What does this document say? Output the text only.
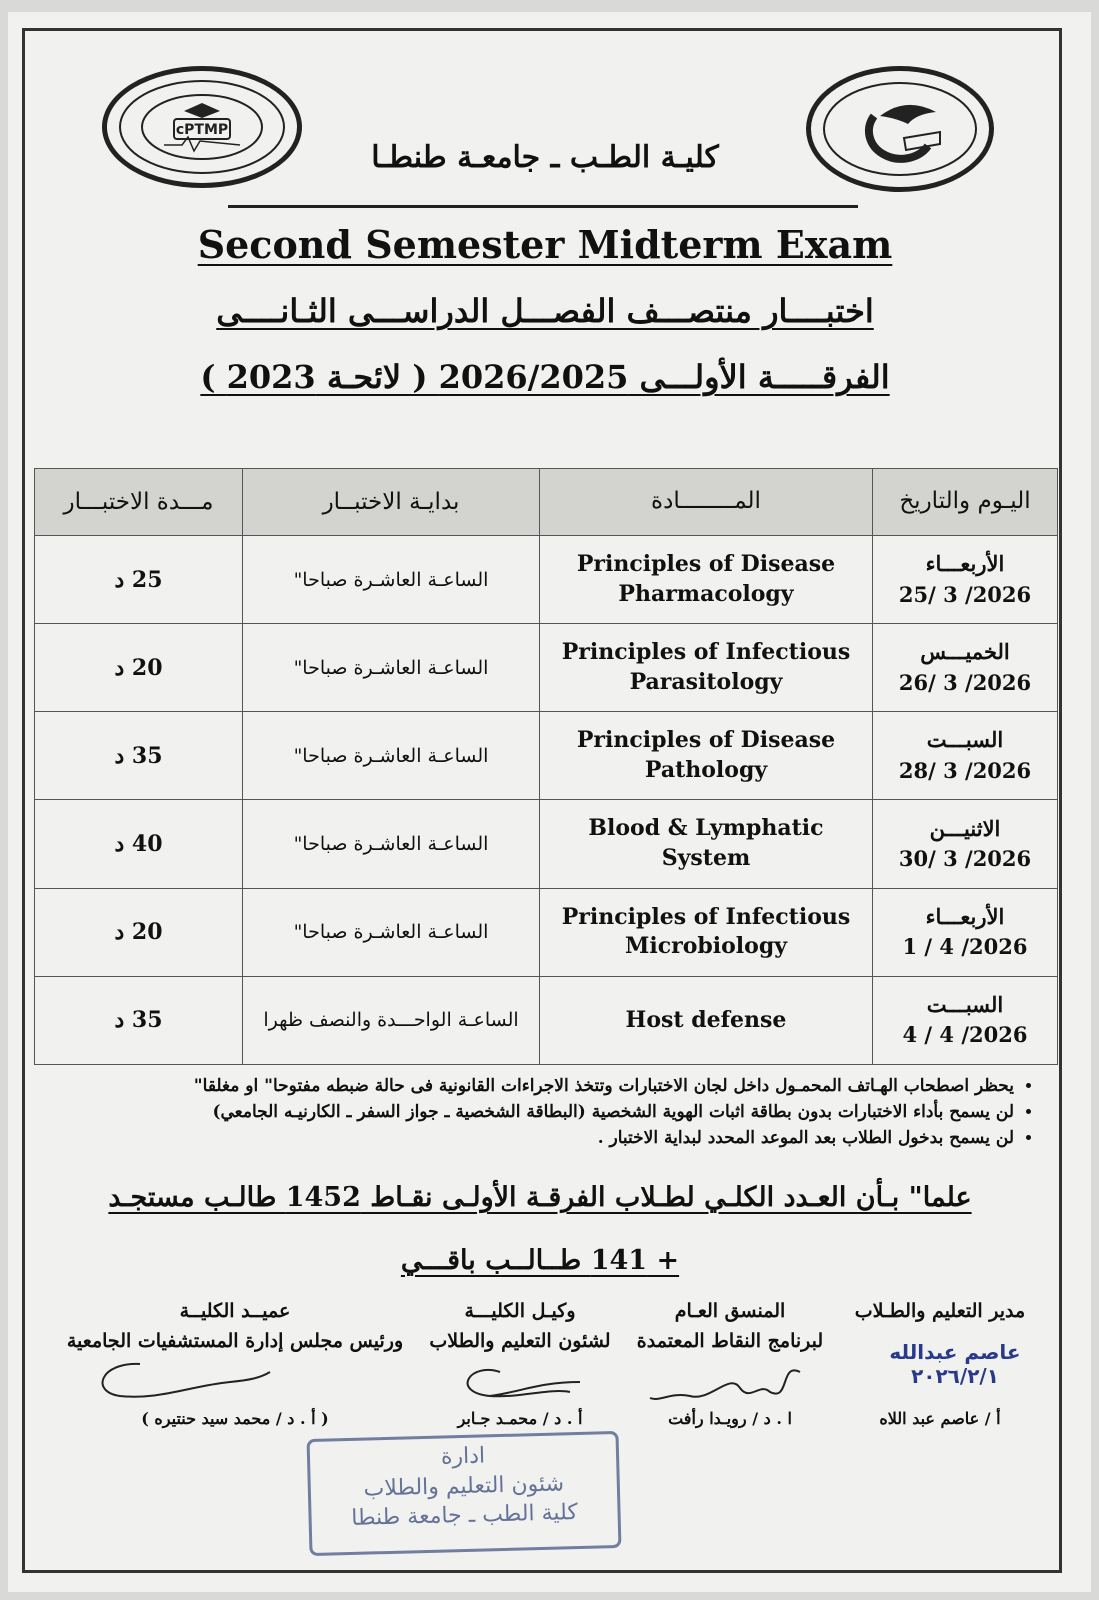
cPTMP
كليـة الطـب ـ جامعـة طنطـا
Second Semester Midterm Exam
اختبــــار منتصـــف الفصـــل الدراســـى الثـانــــى
الفرقـــــة الأولـــى 2026/2025 ( لائحـة 2023 )
اليـوم والتاريخ	المــــــــادة	بدايـة الاختبــار	مـــدة الاختبـــار

الأربعـــاء
2026/ 3 /25	Principles of Disease Pharmacology	الساعـة العاشـرة صباحا"	25 د

الخميـــس
2026/ 3 /26	Principles of Infectious Parasitology	الساعـة العاشـرة صباحا"	20 د

السبـــت
2026/ 3 /28	Principles of Disease Pathology	الساعـة العاشـرة صباحا"	35 د

الاثنيـــن
2026/ 3 /30	Blood & Lymphatic System	الساعـة العاشـرة صباحا"	40 د

الأربعـــاء
2026/ 4 / 1	Principles of Infectious Microbiology	الساعـة العاشـرة صباحا"	20 د

السبـــت
2026/ 4 / 4	Host defense	الساعـة الواحـــدة والنصف ظهرا	35 د
• يحظر اصطحاب الهـاتف المحمـول داخل لجان الاختبارات وتتخذ الاجراءات القانونية فى حالة ضبطه مفتوحا" او مغلقا"
• لن يسمح بأداء الاختبارات بدون بطاقة اثبات الهوية الشخصية (البطاقة الشخصية ـ جواز السفر ـ الكارنيـه الجامعي)
• لن يسمح بدخول الطلاب بعد الموعد المحدد لبداية الاختبار .
علما" بـأن العـدد الكلـي لطـلاب الفرقـة الأولـى نقـاط 1452 طالـب مستجـد
+ 141 طــالــب باقـــي
مدير التعليم والطـلاب
عاصم عبدالله ٢٠٢٦/٢/١
أ / عاصم عبد اللاه
المنسق العـام
لبرنامج النقاط المعتمدة
ا . د / رويـدا رأفت
وكيـل الكليـــة
لشئون التعليم والطلاب
أ . د / محمـد جـابر
عميــد الكليــة
ورئيس مجلس إدارة المستشفيات الجامعية
( أ . د / محمد سيد حنتيره )
ادارة
شئون التعليم والطلاب
كلية الطب ـ جامعة طنطا
